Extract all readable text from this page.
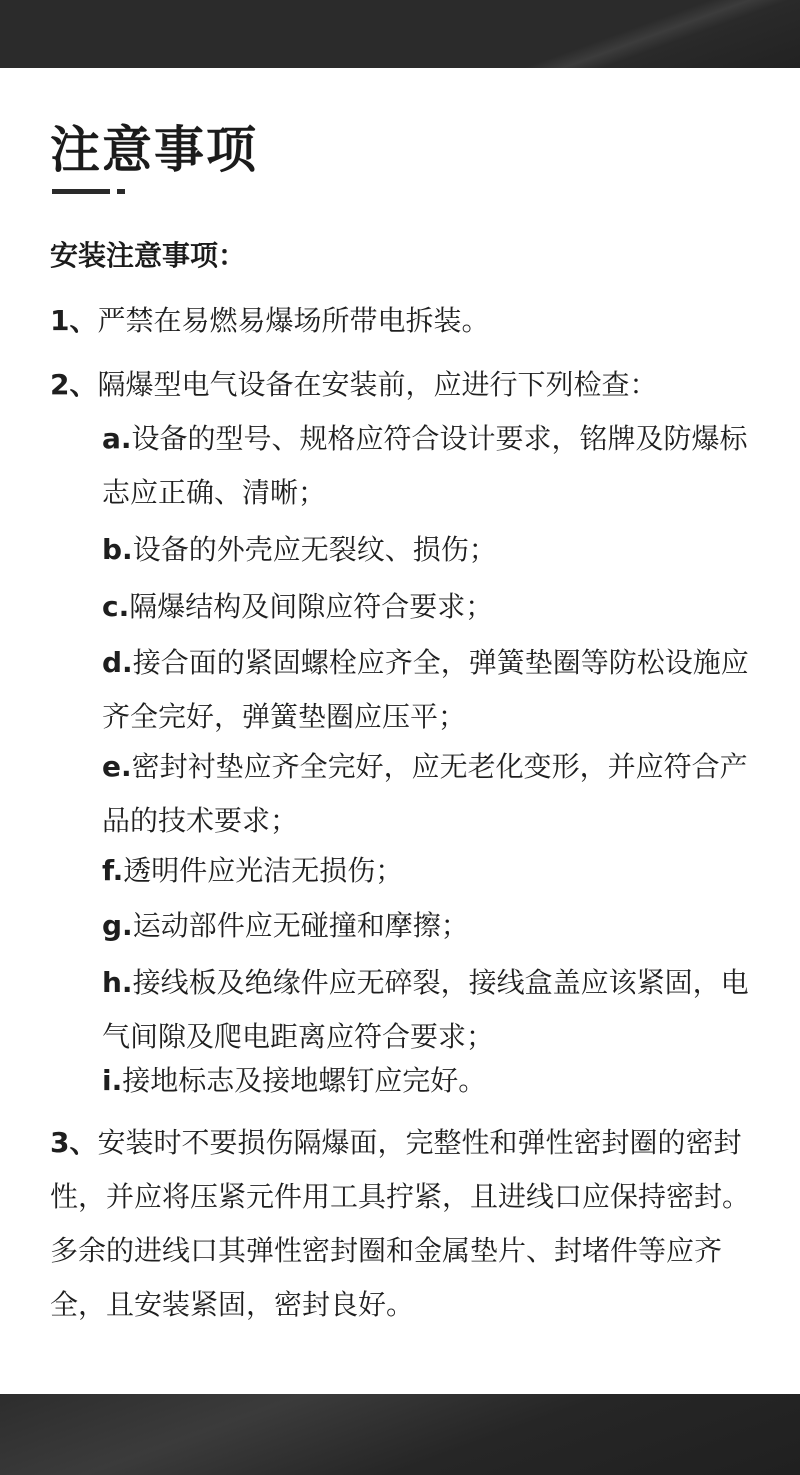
注意事项
安装注意事项：
1、严禁在易燃易爆场所带电拆装。
2、隔爆型电气设备在安装前，应进行下列检查：
a.设备的型号、规格应符合设计要求，铭牌及防爆标志应正确、清晰；
b.设备的外壳应无裂纹、损伤；
c.隔爆结构及间隙应符合要求；
d.接合面的紧固螺栓应齐全，弹簧垫圈等防松设施应齐全完好，弹簧垫圈应压平；
e.密封衬垫应齐全完好，应无老化变形，并应符合产品的技术要求；
f.透明件应光洁无损伤；
g.运动部件应无碰撞和摩擦；
h.接线板及绝缘件应无碎裂，接线盒盖应该紧固，电气间隙及爬电距离应符合要求；
i.接地标志及接地螺钉应完好。
3、安装时不要损伤隔爆面，完整性和弹性密封圈的密封性，并应将压紧元件用工具拧紧，且进线口应保持密封。多余的进线口其弹性密封圈和金属垫片、封堵件等应齐全，且安装紧固，密封良好。
